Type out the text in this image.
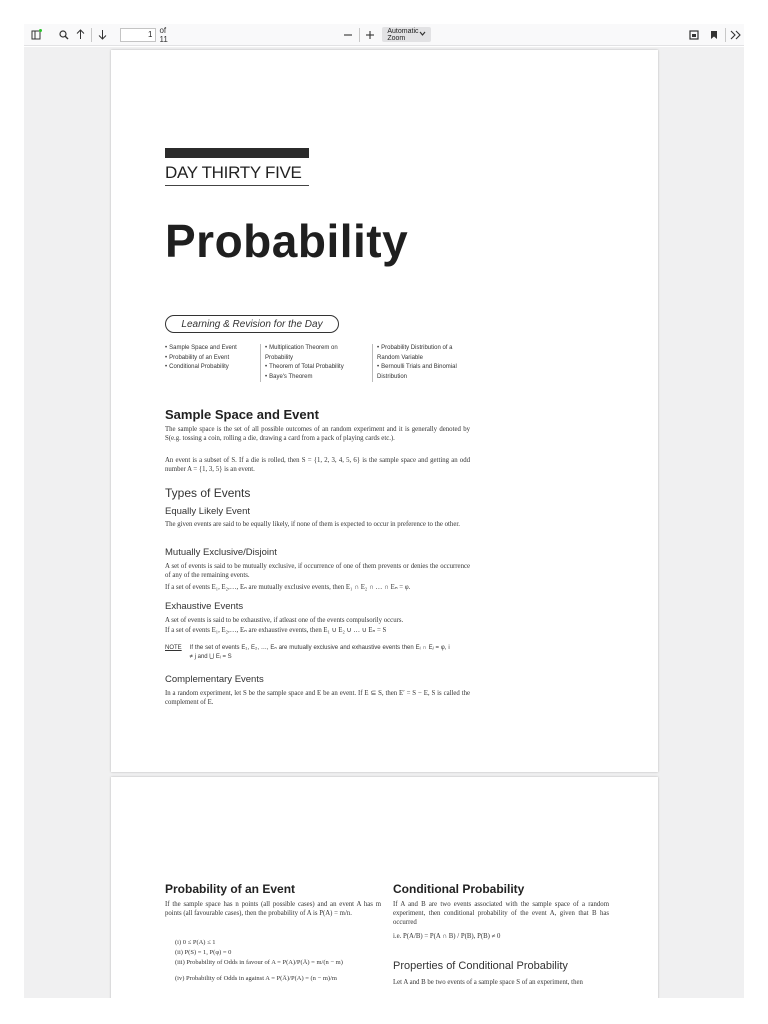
1
of 11
Automatic Zoom
DAY THIRTY FIVE
Probability
Learning & Revision for the Day
• Sample Space and Event
• Probability of an Event
• Conditional Probability
• Multiplication Theorem on Probability
• Theorem of Total Probability
• Baye's Theorem
• Probability Distribution of a Random Variable
• Bernoulli Trials and Binomial Distribution
Sample Space and Event
The sample space is the set of all possible outcomes of an random experiment and it is generally denoted by S(e.g. tossing a coin, rolling a die, drawing a card from a pack of playing cards etc.).
An event is a subset of S. If a die is rolled, then S = {1, 2, 3, 4, 5, 6} is the sample space and getting an odd number A = {1, 3, 5} is an event.
Types of Events
Equally Likely Event
The given events are said to be equally likely, if none of them is expected to occur in preference to the other.
Mutually Exclusive/Disjoint
A set of events is said to be mutually exclusive, if occurrence of one of them prevents or denies the occurrence of any of the remaining events.
If a set of events E₁, E₂,…, Eₙ are mutually exclusive events, then E₁ ∩ E₂ ∩ … ∩ Eₙ = φ.
Exhaustive Events
A set of events is said to be exhaustive, if atleast one of the events compulsorily occurs.
If a set of events E₁, E₂,…, Eₙ are exhaustive events, then E₁ ∪ E₂ ∪ … ∪ Eₙ = S
NOTE If the set of events E₁, E₂, …, Eₙ are mutually exclusive and exhaustive events then Eᵢ ∩ Eⱼ = φ, i ≠ j and ⋃ Eᵢ = S
Complementary Events
In a random experiment, let S be the sample space and E be an event. If E ⊆ S, then E′ = S − E, S is called the complement of E.
Probability of an Event
If the sample space has n points (all possible cases) and an event A has m points (all favourable cases), then the probability of A is P(A) = m/n.
(i) 0 ≤ P(A) ≤ 1
(ii) P(S) = 1, P(φ) = 0
(iii) Probability of Odds in favour of A = P(A)/P(Ā) = m/(n − m)
(iv) Probability of Odds in against A = P(Ā)/P(A) = (n − m)/m
Conditional Probability
If A and B are two events associated with the sample space of a random experiment, then conditional probability of the event A, given that B has occurred
i.e. P(A/B) = P(A ∩ B) / P(B), P(B) ≠ 0
Properties of Conditional Probability
Let A and B be two events of a sample space S of an experiment, then
